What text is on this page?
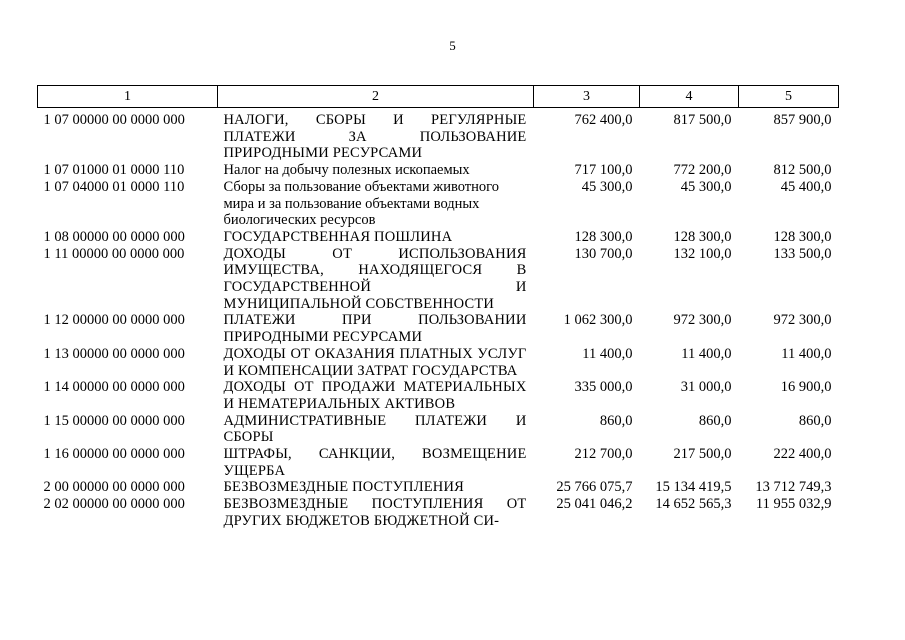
5
1	2	3	4	5
1 07 00000 00 0000 000	НАЛОГИ, СБОРЫ И РЕГУЛЯРНЫЕ ПЛАТЕЖИ ЗА ПОЛЬЗОВАНИЕ ПРИРОДНЫМИ РЕСУРСАМИ	762 400,0	817 500,0	857 900,0
1 07 01000 01 0000 110	Налог на добычу полезных ископаемых	717 100,0	772 200,0	812 500,0
1 07 04000 01 0000 110	Сборы за пользование объектами животного мира и за пользование объектами водных биологических ресурсов	45 300,0	45 300,0	45 400,0
1 08 00000 00 0000 000	ГОСУДАРСТВЕННАЯ ПОШЛИНА	128 300,0	128 300,0	128 300,0
1 11 00000 00 0000 000	ДОХОДЫ ОТ ИСПОЛЬЗОВАНИЯ ИМУЩЕСТВА, НАХОДЯЩЕГОСЯ В ГОСУДАРСТВЕННОЙ И МУНИЦИПАЛЬНОЙ СОБСТВЕННОСТИ	130 700,0	132 100,0	133 500,0
1 12 00000 00 0000 000	ПЛАТЕЖИ ПРИ ПОЛЬЗОВАНИИ ПРИРОДНЫМИ РЕСУРСАМИ	1 062 300,0	972 300,0	972 300,0
1 13 00000 00 0000 000	ДОХОДЫ ОТ ОКАЗАНИЯ ПЛАТНЫХ УСЛУГ И КОМПЕНСАЦИИ ЗАТРАТ ГОСУДАРСТВА	11 400,0	11 400,0	11 400,0
1 14 00000 00 0000 000	ДОХОДЫ ОТ ПРОДАЖИ МАТЕРИАЛЬНЫХ И НЕМАТЕРИАЛЬНЫХ АКТИВОВ	335 000,0	31 000,0	16 900,0
1 15 00000 00 0000 000	АДМИНИСТРАТИВНЫЕ ПЛАТЕЖИ И СБОРЫ	860,0	860,0	860,0
1 16 00000 00 0000 000	ШТРАФЫ, САНКЦИИ, ВОЗМЕЩЕНИЕ УЩЕРБА	212 700,0	217 500,0	222 400,0
2 00 00000 00 0000 000	БЕЗВОЗМЕЗДНЫЕ ПОСТУПЛЕНИЯ	25 766 075,7	15 134 419,5	13 712 749,3
2 02 00000 00 0000 000	БЕЗВОЗМЕЗДНЫЕ ПОСТУПЛЕНИЯ ОТ ДРУГИХ БЮДЖЕТОВ БЮДЖЕТНОЙ СИ-	25 041 046,2	14 652 565,3	11 955 032,9
